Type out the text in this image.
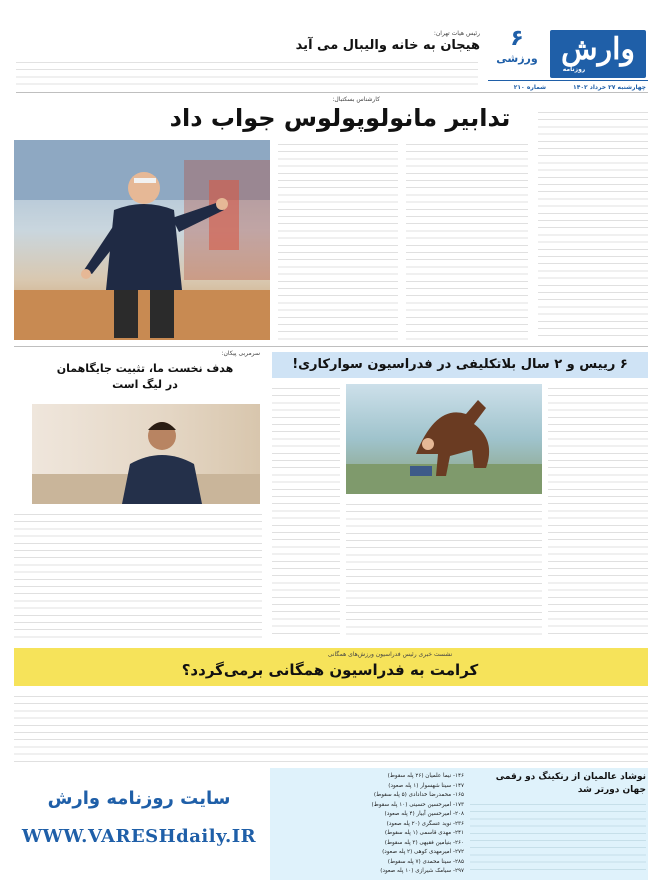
وارش
روزنامه
۶
ورزشی
چهارشنبه ۲۷ خرداد ۱۴۰۲
شماره ۲۱۰
رئیس هیات تهران:
هیجان به خانه والیبال می آید
کارشناس بسکتبال:
تدابیر مانولوپولوس جواب داد
سرمربی پیکان:
هدف نخست ما، تثبیت جایگاهمان
در لیگ است
۶ رییس و ۲ سال بلاتکلیفی در فدراسیون سوارکاری!
نشست خبری رئیس فدراسیون ورزش‌های همگانی
کرامت به فدراسیون همگانی برمی‌گردد؟
نوشاد عالمیان از رنکینگ دو رقمی
جهان دورتر شد
۱۴۶- نیما علمیان (۲۶ پله سقوط)
۱۴۷- سینا شهسوار (۱ پله صعود)
۱۶۵- محمدرضا خدادادی (۵ پله سقوط)
۱۷۳- امیرحسین حسینی (۱۰ پله سقوط)
۲۰۸- امیرحسین آبیار (۴ پله صعود)
۲۳۶- نوید عسگری (۲۰ پله صعود)
۲۴۱- مهدی قاسمی (۱ پله سقوط)
۲۶۰- بنیامین فقیهی (۳ پله سقوط)
۲۷۲- امیرمهدی کوهی (۲ پله صعود)
۲۸۵- سینا محمدی (۷ پله سقوط)
۲۹۷- سیامک شیرازی (۱۰ پله صعود)
سایت روزنامه وارش
WWW.VARESHdaily.IR
